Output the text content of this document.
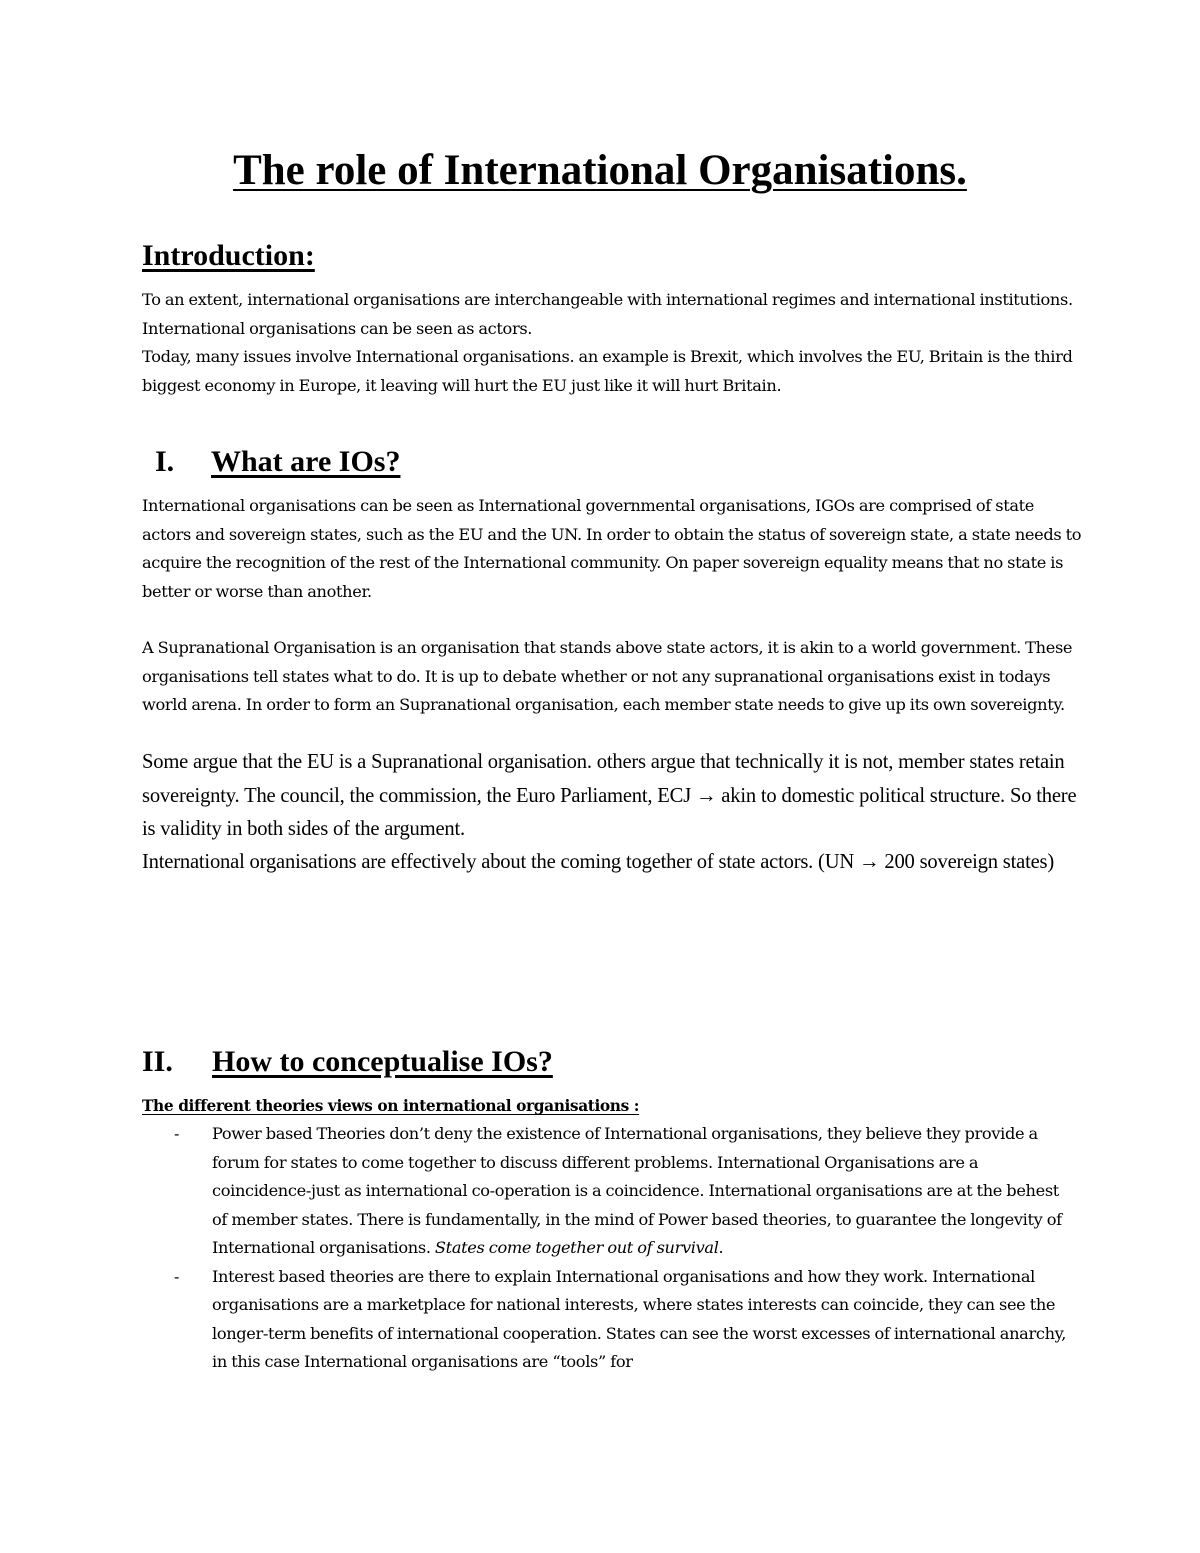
The role of International Organisations.
Introduction:

To an extent, international organisations are interchangeable with international regimes and international institutions. International organisations can be seen as actors.

Today, many issues involve International organisations. an example is Brexit, which involves the EU, Britain is the third biggest economy in Europe, it leaving will hurt the EU just like it will hurt Britain.

I. What are IOs?
International organisations can be seen as International governmental organisations, IGOs are comprised of state actors and sovereign states, such as the EU and the UN. In order to obtain the status of sovereign state, a state needs to acquire the recognition of the rest of the International community. On paper sovereign equality means that no state is better or worse than another.
A Supranational Organisation is an organisation that stands above state actors, it is akin to a world government. These organisations tell states what to do. It is up to debate whether or not any supranational organisations exist in todays world arena. In order to form an Supranational organisation, each member state needs to give up its own sovereignty.
Some argue that the EU is a Supranational organisation. others argue that technically it is not, member states retain sovereignty. The council, the commission, the Euro Parliament, ECJ → akin to domestic political structure. So there is validity in both sides of the argument.
International organisations are effectively about the coming together of state actors. (UN → 200 sovereign states)
II.	How to conceptualise IOs?
The different theories views on international organisations :
- Power based Theories don’t deny the existence of International organisations, they believe they provide a forum for states to come together to discuss different problems. International Organisations are a coincidence-just as international co-operation is a coincidence. International organisations are at the behest of member states. There is fundamentally, in the mind of Power based theories, to guarantee the longevity of International organisations. States come together out of survival.
- Interest based theories are there to explain International organisations and how they work. International organisations are a marketplace for national interests, where states interests can coincide, they can see the longer-term benefits of international cooperation. States can see the worst excesses of international anarchy, in this case International organisations are “tools” for
